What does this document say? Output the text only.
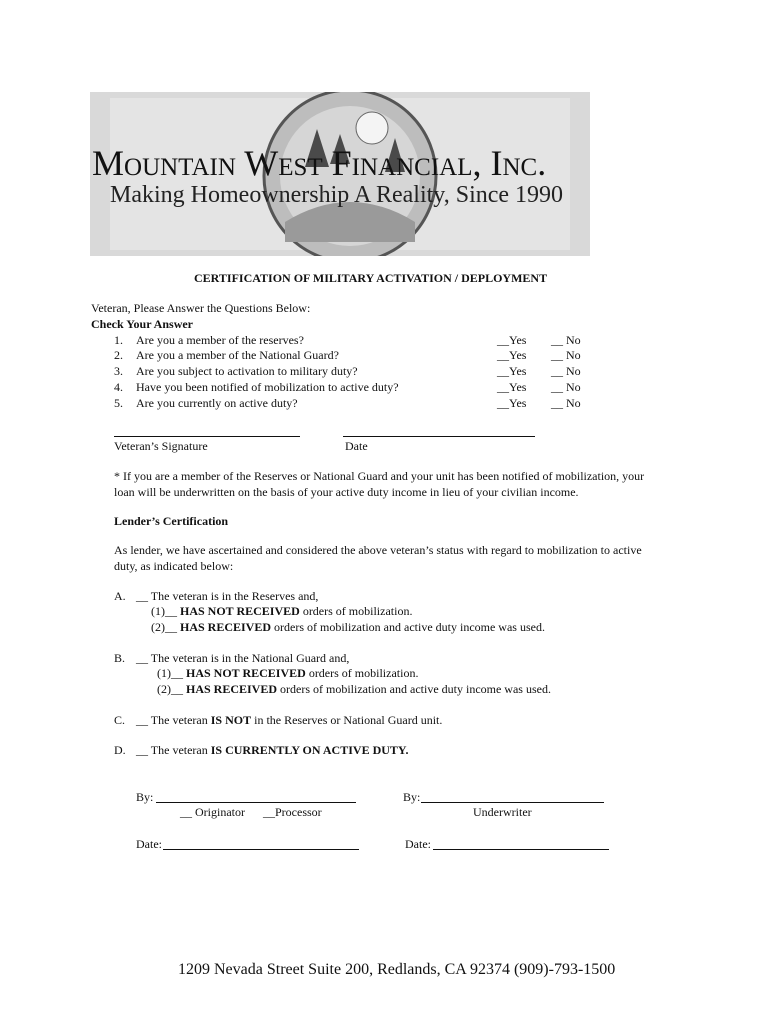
Mountain West Financial, Inc.
Making Homeownership A Reality, Since 1990
CERTIFICATION OF MILITARY ACTIVATION / DEPLOYMENT
Veteran, Please Answer the Questions Below:
Check Your Answer
1. Are you a member of the reserves?	__Yes __ No
2. Are you a member of the National Guard?	__Yes __ No
3. Are you subject to activation to military duty?	__Yes __ No
4. Have you been notified of mobilization to active duty?	__Yes __ No
5. Are you currently on active duty?	__Yes __ No
Veteran’s Signature	Date
* If you are a member of the Reserves or National Guard and your unit has been notified of mobilization, your
loan will be underwritten on the basis of your active duty income in lieu of your civilian income.
Lender’s Certification
As lender, we have ascertained and considered the above veteran’s status with regard to mobilization to active
duty, as indicated below:
A. __ The veteran is in the Reserves and,
(1)__ HAS NOT RECEIVED orders of mobilization.
(2)__ HAS RECEIVED orders of mobilization and active duty income was used.
B. __ The veteran is in the National Guard and,
(1)__ HAS NOT RECEIVED orders of mobilization.
(2)__ HAS RECEIVED orders of mobilization and active duty income was used.
C. __ The veteran IS NOT in the Reserves or National Guard unit.
D. __ The veteran IS CURRENTLY ON ACTIVE DUTY.
By:
__ Originator __Processor
By:
Underwriter
Date:	Date:
1209 Nevada Street Suite 200, Redlands, CA 92374 (909)-793-1500
